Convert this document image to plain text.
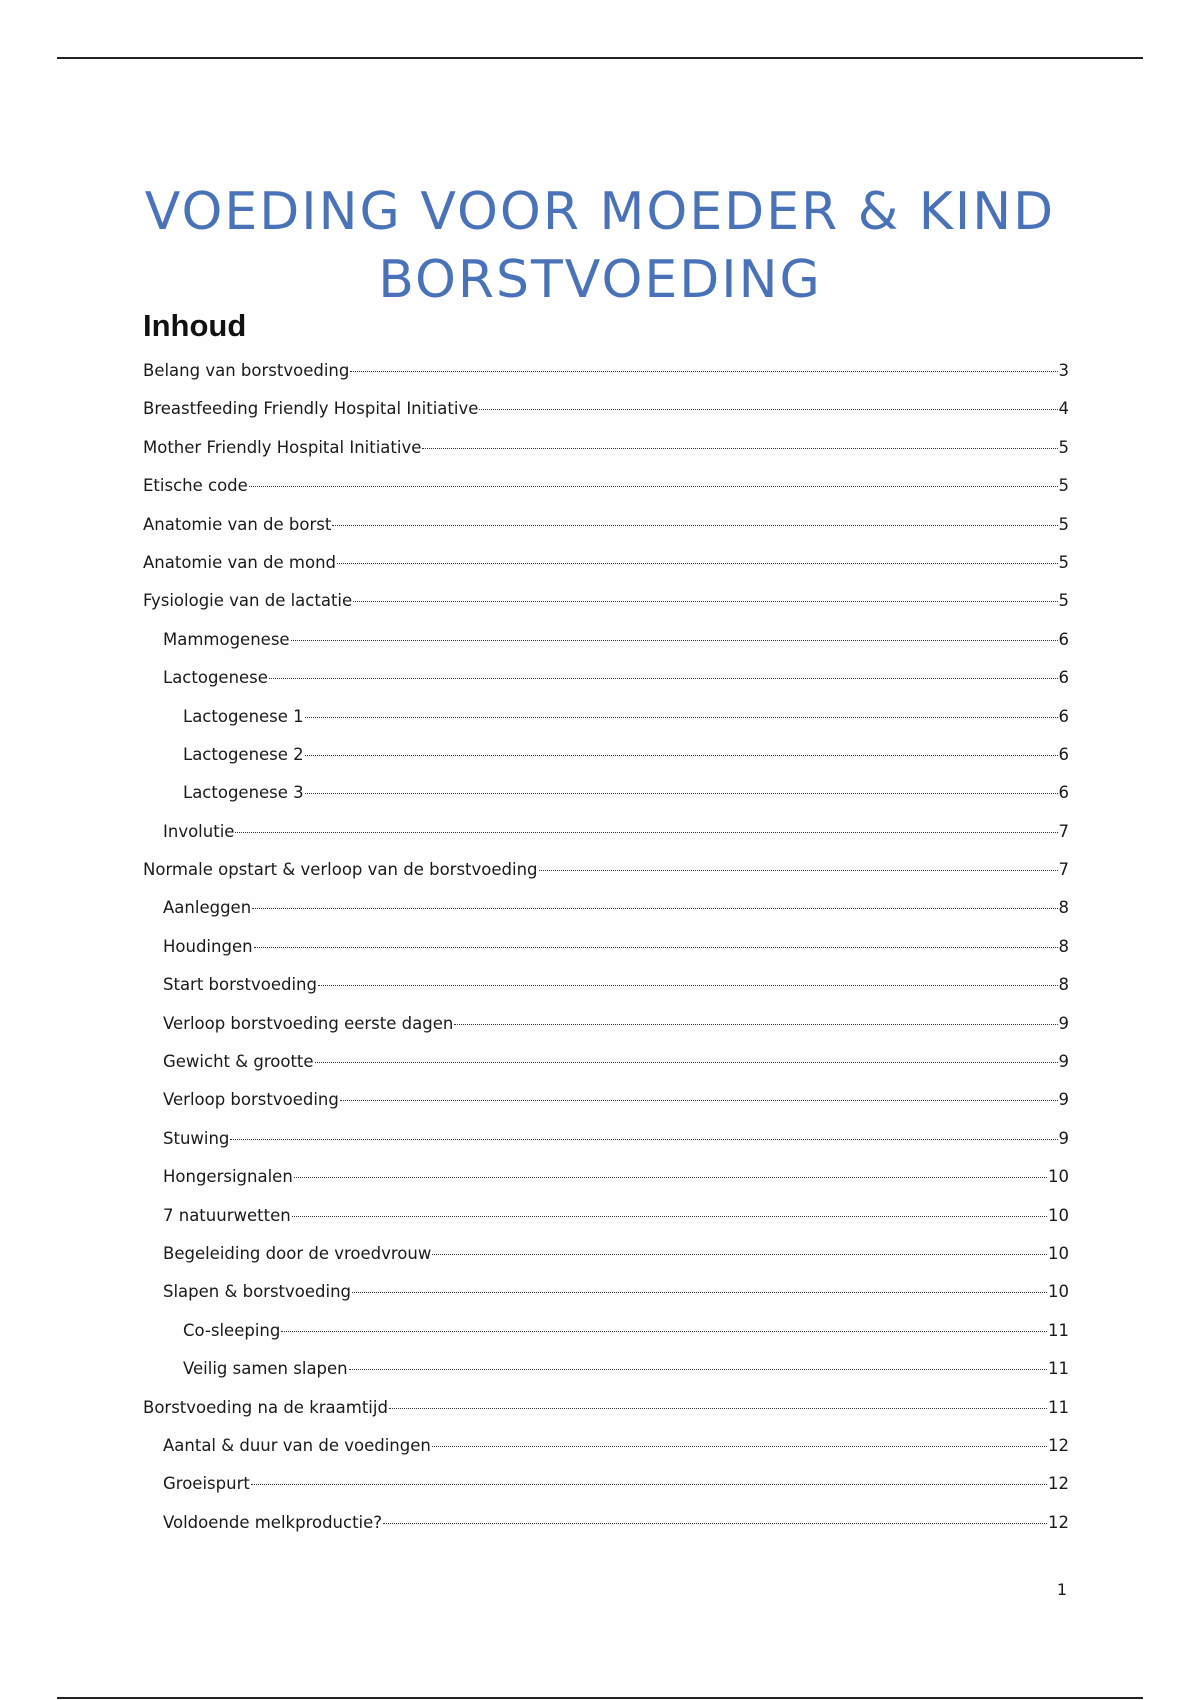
VOEDING VOOR MOEDER & KIND
BORSTVOEDING
Inhoud
Belang van borstvoeding	3
Breastfeeding Friendly Hospital Initiative	4
Mother Friendly Hospital Initiative	5
Etische code	5
Anatomie van de borst	5
Anatomie van de mond	5
Fysiologie van de lactatie	5
Mammogenese	6
Lactogenese	6
Lactogenese 1	6
Lactogenese 2	6
Lactogenese 3	6
Involutie	7
Normale opstart & verloop van de borstvoeding	7
Aanleggen	8
Houdingen	8
Start borstvoeding	8
Verloop borstvoeding eerste dagen	9
Gewicht & grootte	9
Verloop borstvoeding	9
Stuwing	9
Hongersignalen	10
7 natuurwetten	10
Begeleiding door de vroedvrouw	10
Slapen & borstvoeding	10
Co-sleeping	11
Veilig samen slapen	11
Borstvoeding na de kraamtijd	11
Aantal & duur van de voedingen	12
Groeispurt	12
Voldoende melkproductie?	12
1
